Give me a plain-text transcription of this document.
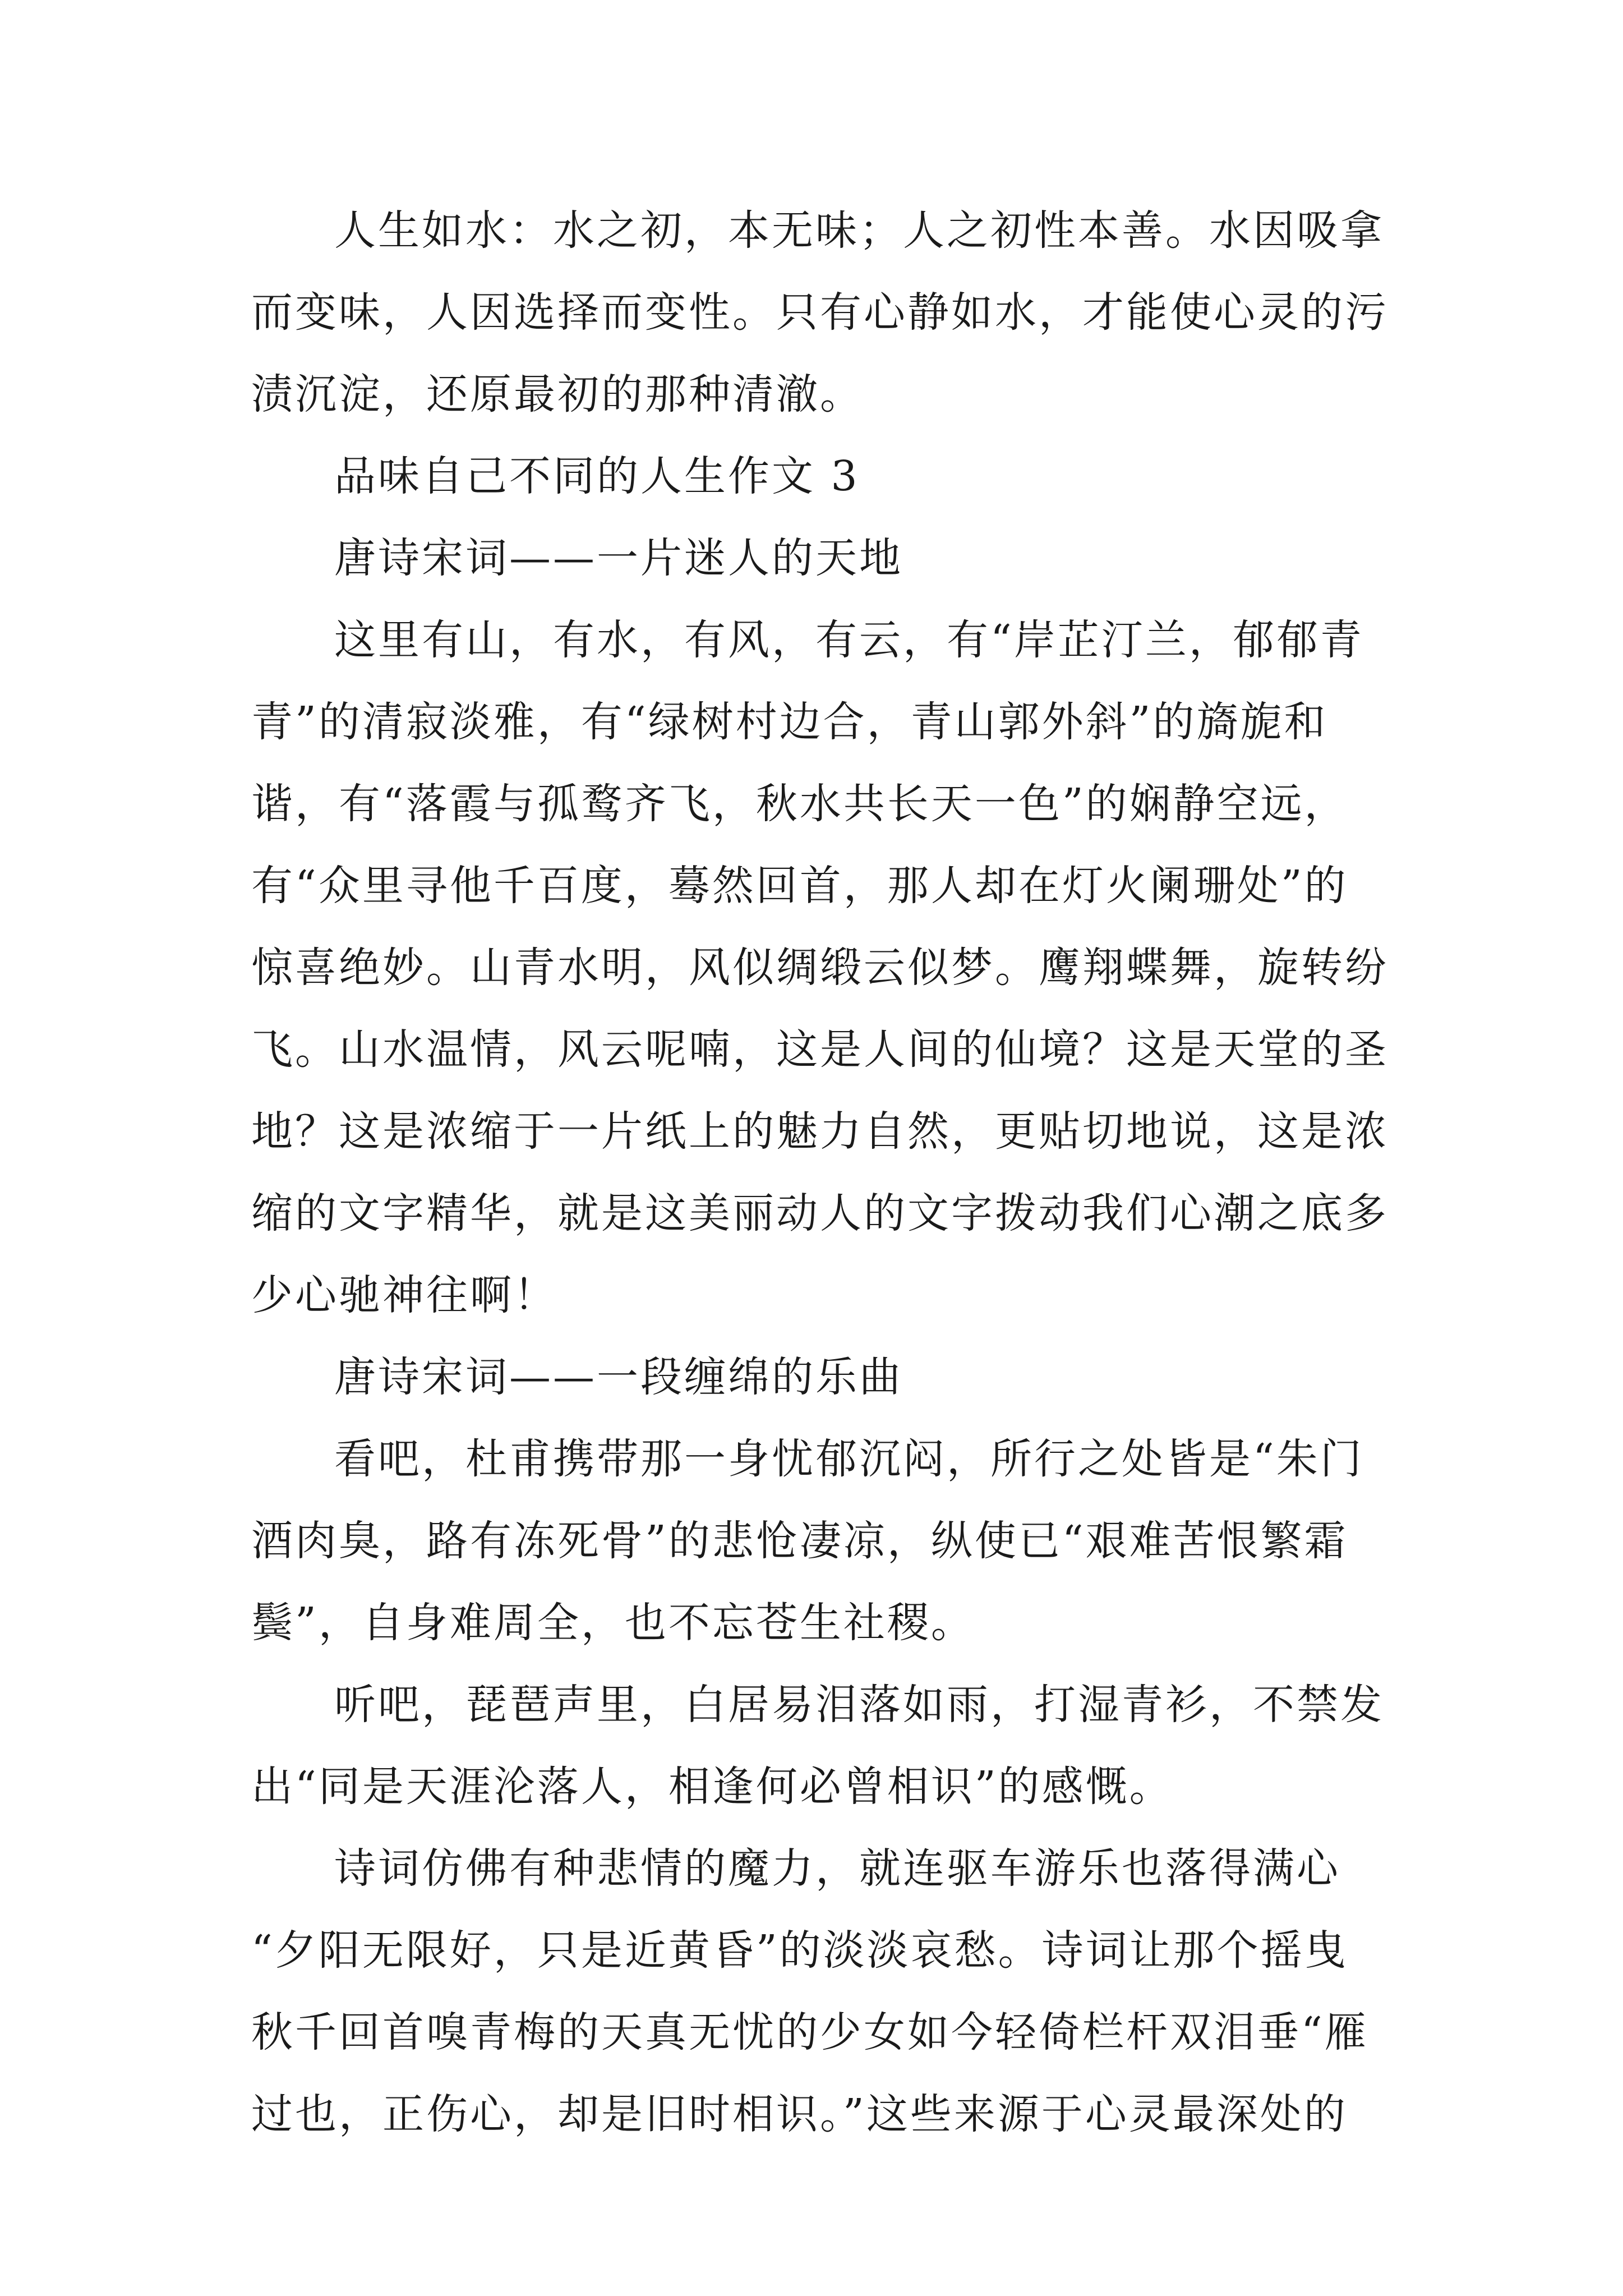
人生如水：水之初，本无味；人之初性本善。水因吸拿
而变味，人因选择而变性。只有心静如水，才能使心灵的污
渍沉淀，还原最初的那种清澈。
品味自己不同的人生作文 3
唐诗宋词——一片迷人的天地
这里有山，有水，有风，有云，有“岸芷汀兰，郁郁青
青”的清寂淡雅，有“绿树村边合，青山郭外斜”的旖旎和
谐，有“落霞与孤鹜齐飞，秋水共长天一色”的娴静空远，
有“众里寻他千百度，蓦然回首，那人却在灯火阑珊处”的
惊喜绝妙。山青水明，风似绸缎云似梦。鹰翔蝶舞，旋转纷
飞。山水温情，风云呢喃，这是人间的仙境？这是天堂的圣
地？这是浓缩于一片纸上的魅力自然，更贴切地说，这是浓
缩的文字精华，就是这美丽动人的文字拨动我们心潮之底多
少心驰神往啊！
唐诗宋词——一段缠绵的乐曲
看吧，杜甫携带那一身忧郁沉闷，所行之处皆是“朱门
酒肉臭，路有冻死骨”的悲怆凄凉，纵使已“艰难苦恨繁霜
鬓”，自身难周全，也不忘苍生社稷。
听吧，琵琶声里，白居易泪落如雨，打湿青衫，不禁发
出“同是天涯沦落人，相逢何必曾相识”的感慨。
诗词仿佛有种悲情的魔力，就连驱车游乐也落得满心
“夕阳无限好，只是近黄昏”的淡淡哀愁。诗词让那个摇曳
秋千回首嗅青梅的天真无忧的少女如今轻倚栏杆双泪垂“雁
过也，正伤心，却是旧时相识。”这些来源于心灵最深处的
